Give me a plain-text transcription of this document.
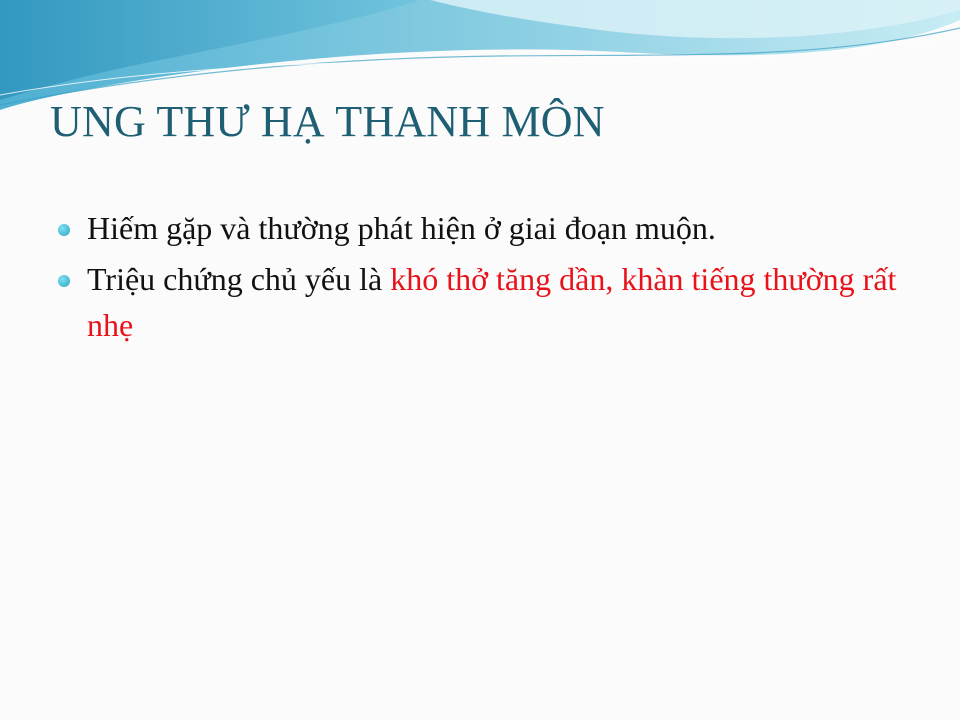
UNG THƯ HẠ THANH MÔN
Hiếm gặp và thường phát hiện ở giai đoạn muộn.
Triệu chứng chủ yếu là khó thở tăng dần, khàn tiếng thường rất nhẹ
